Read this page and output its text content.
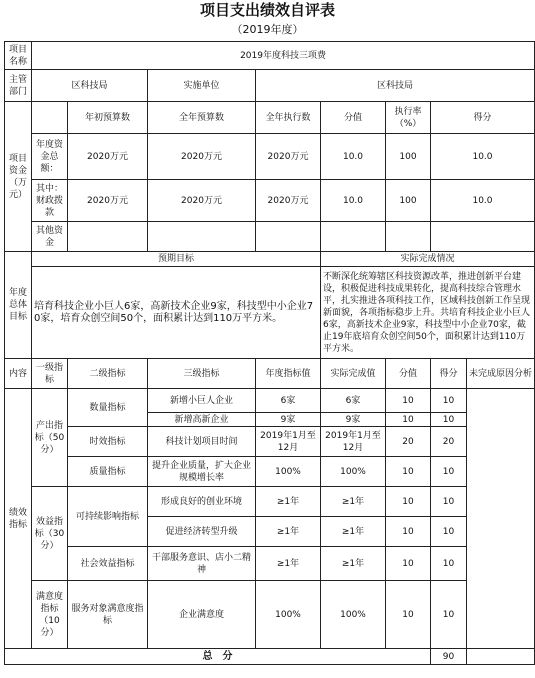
项目支出绩效自评表
（2019年度）
项目名称	2019年度科技三项费							
主管部门	区科技局		实施单位	区科技局				
项目资金（万元）		年初预算数	全年预算数	全年执行数	分值	执行率（%）	得分	
	年度资金总额：	2020万元	2020万元	2020万元	10.0	100	10.0	
	其中：财政拨款	2020万元	2020万元	2020万元	10.0	100	10.0	
	其他资金							
年度总体目标	预期目标				实际完成情况			
	培育科技企业小巨人6家，高新技术企业9家，科技型中小企业70家，培育众创空间50个，面积累计达到110万平方米。				不断深化统筹辖区科技资源改革，推进创新平台建设，积极促进科技成果转化，提高科技综合管理水平，扎实推进各项科技工作，区域科技创新工作呈现新面貌，各项指标稳步上升。共培育科技企业小巨人6家，高新技术企业9家，科技型中小企业70家，截止19年底培育众创空间50个，面积累计达到110万平方米。			
内容	一级指标	二级指标	三级指标	年度指标值	实际完成值	分值	得分	未完成原因分析
绩效指标	产出指标（50分）	数量指标	新增小巨人企业	6家	6家	10	10	
			新增高新企业	9家	9家	10	10	
		时效指标	科技计划项目时间	2019年1月至12月	2019年1月至12月	20	20	
		质量指标	提升企业质量，扩大企业规模增长率	100%	100%	10	10	
	效益指标（30分）	可持续影响指标	形成良好的创业环境	≥1年	≥1年	10	10	
			促进经济转型升级	≥1年	≥1年	10	10	
		社会效益指标	干部服务意识、店小二精神	≥1年	≥1年	10	10	
	满意度指标（10分）	服务对象满意度指标	企业满意度	100%	100%	10	10	

总　分							90	
